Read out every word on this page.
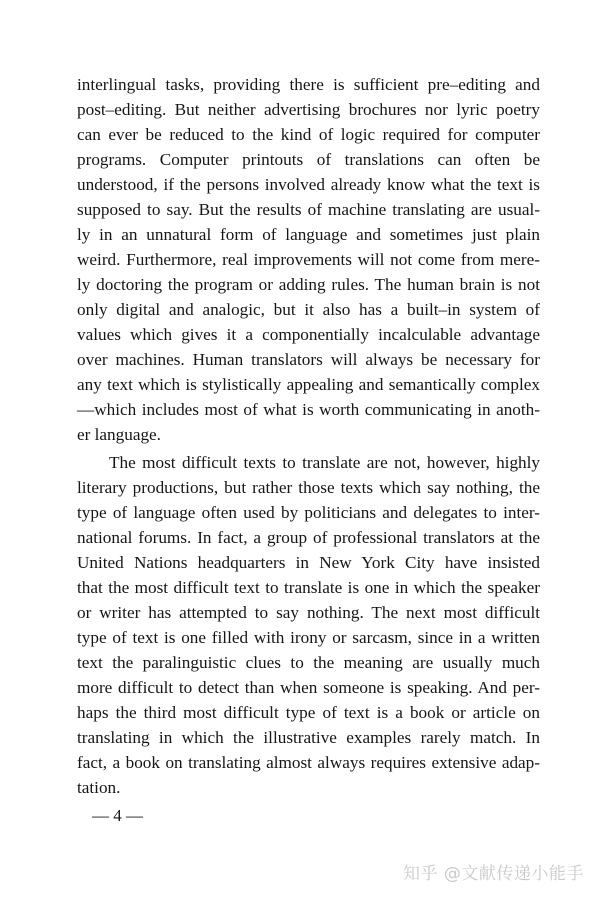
interlingual tasks, providing there is sufficient pre–editing and
post–editing. But neither advertising brochures nor lyric poetry
can ever be reduced to the kind of logic required for computer
programs. Computer printouts of translations can often be
understood, if the persons involved already know what the text is
supposed to say. But the results of machine translating are usual-
ly in an unnatural form of language and sometimes just plain
weird. Furthermore, real improvements will not come from mere-
ly doctoring the program or adding rules. The human brain is not
only digital and analogic, but it also has a built–in system of
values which gives it a componentially incalculable advantage
over machines. Human translators will always be necessary for
any text which is stylistically appealing and semantically complex
—which includes most of what is worth communicating in anoth-
er language.
The most difficult texts to translate are not, however, highly
literary productions, but rather those texts which say nothing, the
type of language often used by politicians and delegates to inter-
national forums. In fact, a group of professional translators at the
United Nations headquarters in New York City have insisted
that the most difficult text to translate is one in which the speaker
or writer has attempted to say nothing. The next most difficult
type of text is one filled with irony or sarcasm, since in a written
text the paralinguistic clues to the meaning are usually much
more difficult to detect than when someone is speaking. And per-
haps the third most difficult type of text is a book or article on
translating in which the illustrative examples rarely match. In
fact, a book on translating almost always requires extensive adap-
tation.
— 4 —
知乎 @文献传递小能手
